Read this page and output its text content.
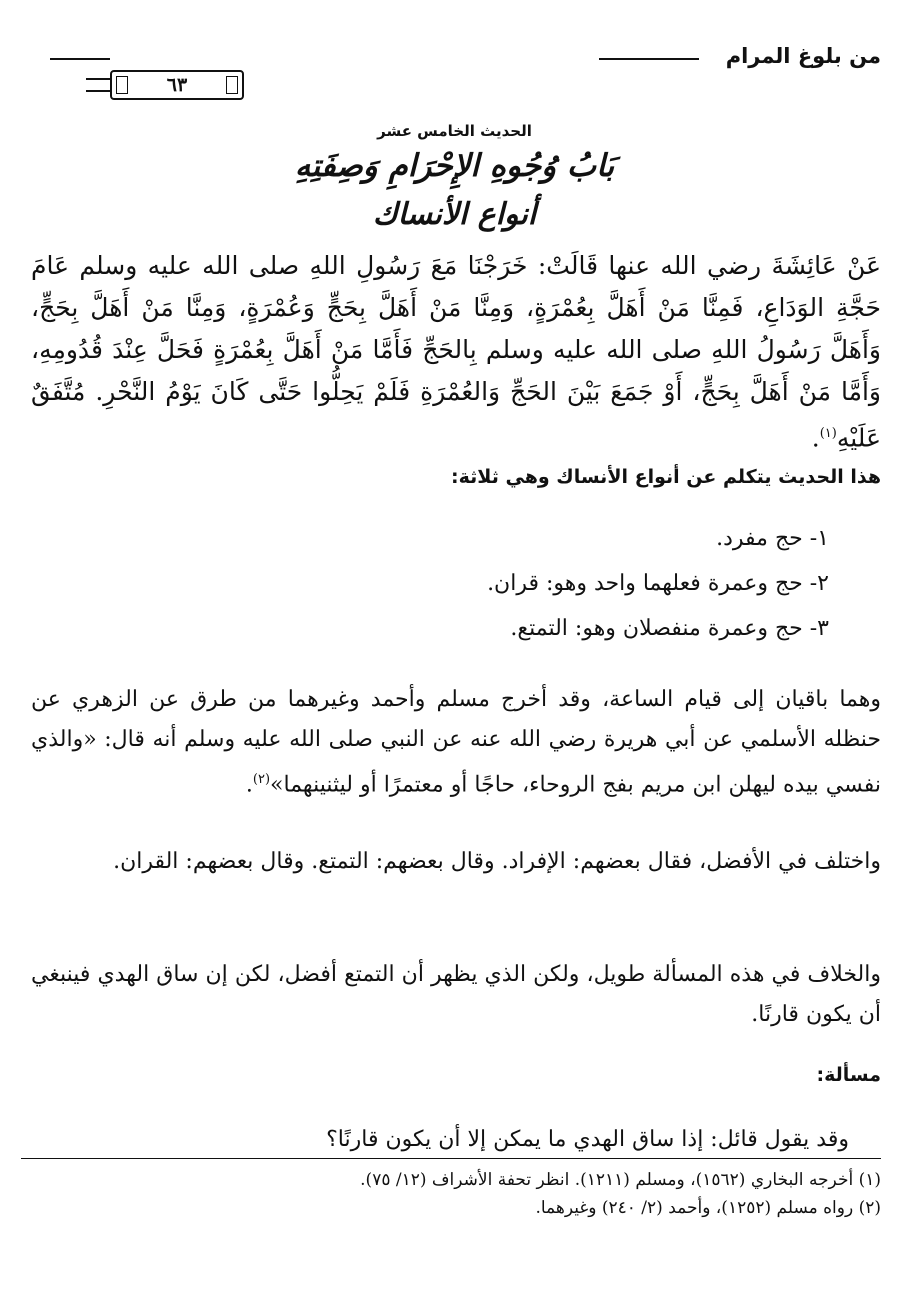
من بلوغ المرام
٦٣
الحديث الخامس عشر
بَابُ وُجُوهِ الإِحْرَامِ وَصِفَتِهِ
أنواع الأنساك

عَنْ عَائِشَةَ رضي الله عنها قَالَتْ: خَرَجْنَا مَعَ رَسُولِ اللهِ صلى الله عليه وسلم عَامَ حَجَّةِ الوَدَاعِ، فَمِنَّا مَنْ أَهَلَّ بِعُمْرَةٍ، وَمِنَّا مَنْ أَهَلَّ بِحَجٍّ وَعُمْرَةٍ، وَمِنَّا مَنْ أَهَلَّ بِحَجٍّ، وَأَهَلَّ رَسُولُ اللهِ صلى الله عليه وسلم بِالحَجِّ فَأَمَّا مَنْ أَهَلَّ بِعُمْرَةٍ فَحَلَّ عِنْدَ قُدُومِهِ، وَأَمَّا مَنْ أَهَلَّ بِحَجٍّ، أَوْ جَمَعَ بَيْنَ الحَجِّ وَالعُمْرَةِ فَلَمْ يَحِلُّوا حَتَّى كَانَ يَوْمُ النَّحْرِ. مُتَّفَقٌ عَلَيْهِ$^{(١)}$.

هذا الحديث يتكلم عن أنواع الأنساك وهي ثلاثة:
١- حج مفرد.
٢- حج وعمرة فعلهما واحد وهو: قران.
٣- حج وعمرة منفصلان وهو: التمتع.

وهما باقيان إلى قيام الساعة، وقد أخرج مسلم وأحمد وغيرهما من طرق عن الزهري عن حنظله الأسلمي عن أبي هريرة رضي الله عنه عن النبي صلى الله عليه وسلم أنه قال: «والذي نفسي بيده ليهلن ابن مريم بفج الروحاء، حاجًا أو معتمرًا أو ليثنينهما»$^{(٢)}$.

واختلف في الأفضل، فقال بعضهم: الإفراد. وقال بعضهم: التمتع. وقال بعضهم: القران.

والخلاف في هذه المسألة طويل، ولكن الذي يظهر أن التمتع أفضل، لكن إن ساق الهدي فينبغي أن يكون قارنًا.

مسألة:
وقد يقول قائل: إذا ساق الهدي ما يمكن إلا أن يكون قارنًا؟

(١) أخرجه البخاري (١٥٦٢)، ومسلم (١٢١١). انظر تحفة الأشراف (١٢/ ٧٥).

(٢) رواه مسلم (١٢٥٢)، وأحمد (٢/ ٢٤٠) وغيرهما.
